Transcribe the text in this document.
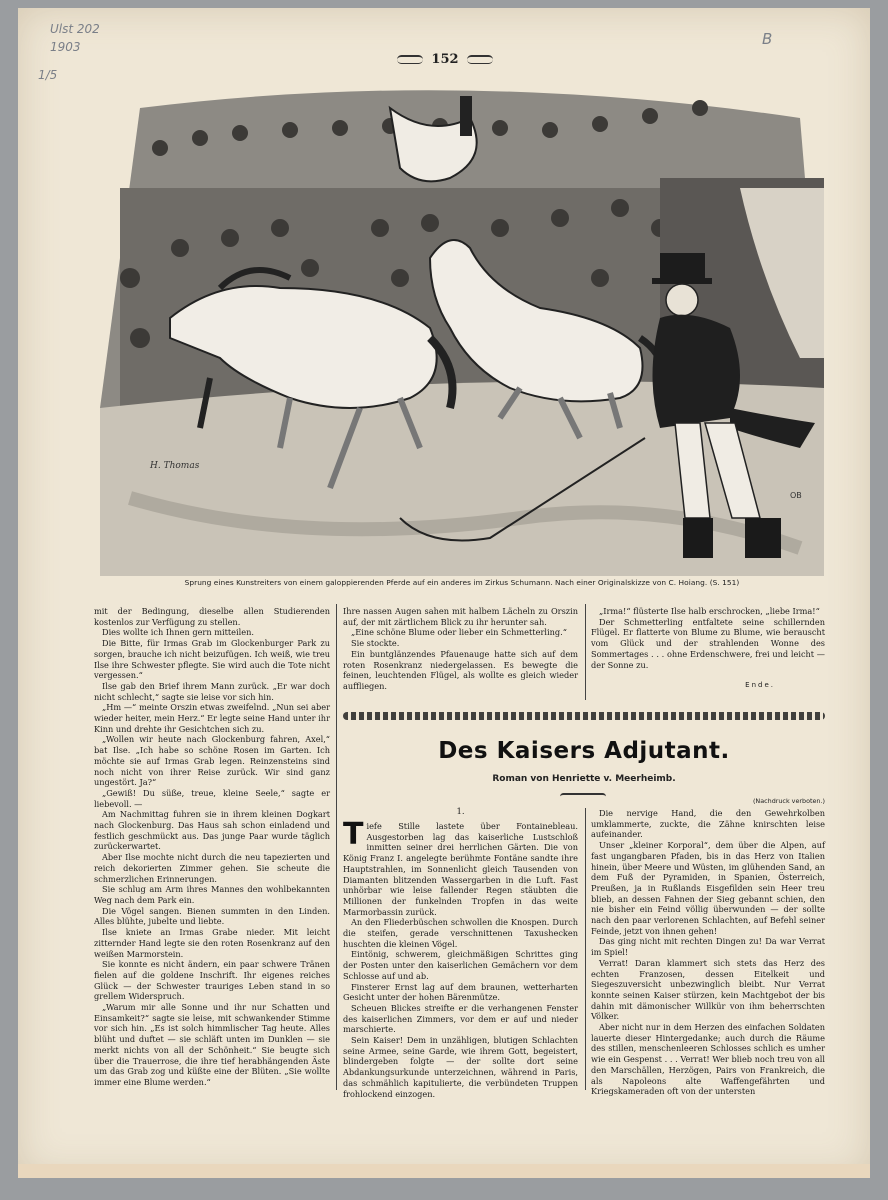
Ulst 202
1903
1/5
B
152
H. Thomas
OB
Sprung eines Kunstreiters von einem galoppierenden Pferde auf ein anderes im Zirkus Schumann. Nach einer Originalskizze von C. Hoiang. (S. 151)

mit der Bedingung, dieselbe allen Studierenden kostenlos zur Verfügung zu stellen.

Dies wollte ich Ihnen gern mitteilen.

Die Bitte, für Irmas Grab im Glockenburger Park zu sorgen, brauche ich nicht beizufügen. Ich weiß, wie treu Ilse ihre Schwester pflegte. Sie wird auch die Tote nicht vergessen.“

Ilse gab den Brief ihrem Mann zurück. „Er war doch nicht schlecht,“ sagte sie leise vor sich hin.

„Hm —“ meinte Orszin etwas zweifelnd. „Nun sei aber wieder heiter, mein Herz.“ Er legte seine Hand unter ihr Kinn und drehte ihr Gesichtchen sich zu.

„Wollen wir heute nach Glockenburg fahren, Axel,“ bat Ilse. „Ich habe so schöne Rosen im Garten. Ich möchte sie auf Irmas Grab legen. Reinzensteins sind noch nicht von ihrer Reise zurück. Wir sind ganz ungestört. Ja?“

„Gewiß! Du süße, treue, kleine Seele,“ sagte er liebevoll. —

Am Nachmittag fuhren sie in ihrem kleinen Dogkart nach Glockenburg. Das Haus sah schon einladend und festlich geschmückt aus. Das junge Paar wurde täglich zurückerwartet.

Aber Ilse mochte nicht durch die neu tapezierten und reich dekorierten Zimmer gehen. Sie scheute die schmerzlichen Erinnerungen.

Sie schlug am Arm ihres Mannes den wohlbekannten Weg nach dem Park ein.

Die Vögel sangen. Bienen summten in den Linden. Alles blühte, jubelte und liebte.

Ilse kniete an Irmas Grabe nieder. Mit leicht zitternder Hand legte sie den roten Rosenkranz auf den weißen Marmorstein.

Sie konnte es nicht ändern, ein paar schwere Tränen fielen auf die goldene Inschrift. Ihr eigenes reiches Glück — der Schwester trauriges Leben stand in so grellem Widerspruch.

„Warum mir alle Sonne und ihr nur Schatten und Einsamkeit?“ sagte sie leise, mit schwankender Stimme vor sich hin. „Es ist solch himmlischer Tag heute. Alles blüht und duftet — sie schläft unten im Dunklen — sie merkt nichts von all der Schönheit.“ Sie beugte sich über die Trauerrose, die ihre tief herabhängenden Äste um das Grab zog und küßte eine der Blüten. „Sie wollte immer eine Blume werden.“

Ihre nassen Augen sahen mit halbem Lächeln zu Orszin auf, der mit zärtlichem Blick zu ihr herunter sah.

„Eine schöne Blume oder lieber ein Schmetterling.“

Sie stockte.

Ein buntglänzendes Pfauenauge hatte sich auf dem roten Rosenkranz niedergelassen. Es bewegte die feinen, leuchtenden Flügel, als wollte es gleich wieder auffliegen.

„Irma!“ flüsterte Ilse halb erschrocken, „liebe Irma!“

Der Schmetterling entfaltete seine schillernden Flügel. Er flatterte von Blume zu Blume, wie berauscht vom Glück und der strahlenden Wonne des Sommertages . . . ohne Erdenschwere, frei und leicht — der Sonne zu.

Ende.
Des Kaisers Adjutant.
Roman von Henriette v. Meerheimb.
(Nachdruck verboten.)
1.

Tiefe Stille lastete über Fontainebleau. Ausgestorben lag das kaiserliche Lustschloß inmitten seiner drei herrlichen Gärten. Die von König Franz I. angelegte berühmte Fontäne sandte ihre Hauptstrahlen, im Sonnenlicht gleich Tausenden von Diamanten blitzenden Wassergarben in die Luft. Fast unhörbar wie leise fallender Regen stäubten die Millionen der funkelnden Tropfen in das weite Marmorbassin zurück.

An den Fliederbüschen schwollen die Knospen. Durch die steifen, gerade verschnittenen Taxushecken huschten die kleinen Vögel.

Eintönig, schwerem, gleichmäßigen Schrittes ging der Posten unter den kaiserlichen Gemächern vor dem Schlosse auf und ab.

Finsterer Ernst lag auf dem braunen, wetterharten Gesicht unter der hohen Bärenmütze.

Scheuen Blickes streifte er die verhangenen Fenster des kaiserlichen Zimmers, vor dem er auf und nieder marschierte.

Sein Kaiser! Dem in unzähligen, blutigen Schlachten seine Armee, seine Garde, wie ihrem Gott, begeistert, blindergeben folgte — der sollte dort seine Abdankungsurkunde unterzeichnen, während in Paris, das schmählich kapitulierte, die verbündeten Truppen frohlockend einzogen.

Die nervige Hand, die den Gewehrkolben umklammerte, zuckte, die Zähne knirschten leise aufeinander.

Unser „kleiner Korporal“, dem über die Alpen, auf fast ungangbaren Pfaden, bis in das Herz von Italien hinein, über Meere und Wüsten, im glühenden Sand, an dem Fuß der Pyramiden, in Spanien, Österreich, Preußen, ja in Rußlands Eisgefilden sein Heer treu blieb, an dessen Fahnen der Sieg gebannt schien, den nie bisher ein Feind völlig überwunden — der sollte nach den paar verlorenen Schlachten, auf Befehl seiner Feinde, jetzt von ihnen gehen!

Das ging nicht mit rechten Dingen zu! Da war Verrat im Spiel!

Verrat! Daran klammert sich stets das Herz des echten Franzosen, dessen Eitelkeit und Siegeszuversicht unbezwinglich bleibt. Nur Verrat konnte seinen Kaiser stürzen, kein Machtgebot der bis dahin mit dämonischer Willkür von ihm beherrschten Völker.

Aber nicht nur in dem Herzen des einfachen Soldaten lauerte dieser Hintergedanke; auch durch die Räume des stillen, menschenleeren Schlosses schlich es umher wie ein Gespenst . . . Verrat! Wer blieb noch treu von all den Marschällen, Herzögen, Pairs von Frankreich, die als Napoleons alte Waffengefährten und Kriegskameraden oft von der untersten
